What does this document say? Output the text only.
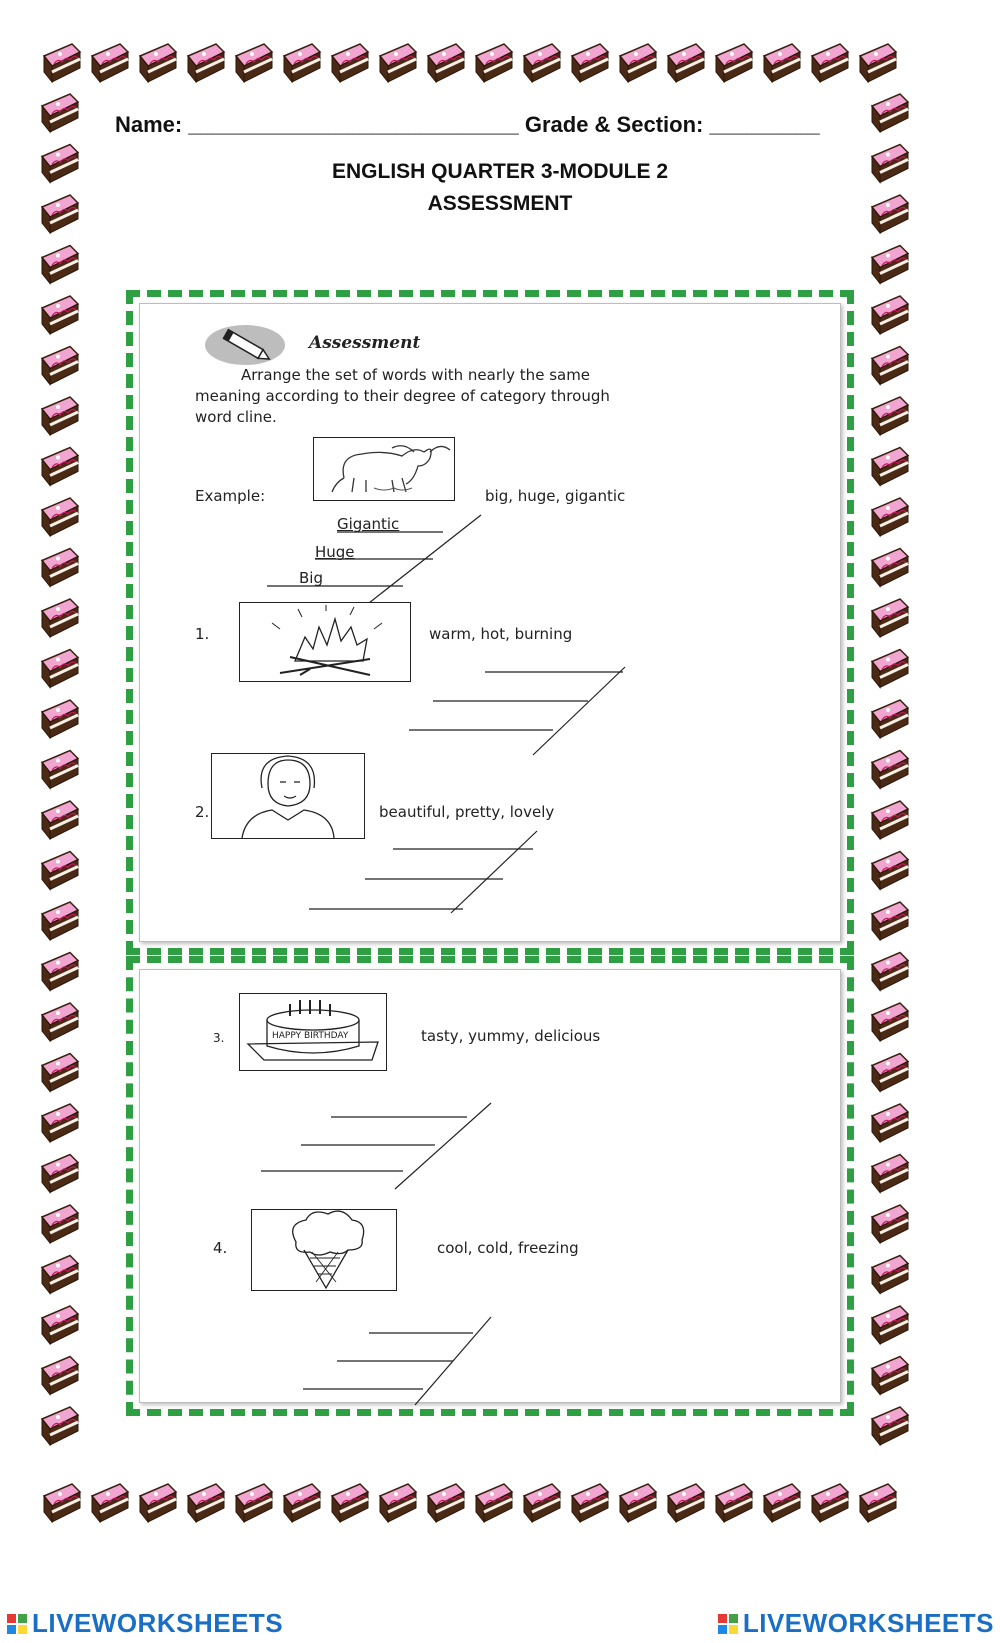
Name: ___________________________ Grade & Section: _________
ENGLISH QUARTER 3-MODULE 2
ASSESSMENT
Assessment
Arrange the set of words with nearly the same
meaning according to their degree of category through
word cline.
Example:	big, huge, gigantic
Gigantic
Huge
Big
1.	warm, hot, burning
2.	beautiful, pretty, lovely
3.	HAPPY BIRTHDAY	tasty, yummy, delicious
4.	cool, cold, freezing
LIVEWORKSHEETS	LIVEWORKSHEETS
